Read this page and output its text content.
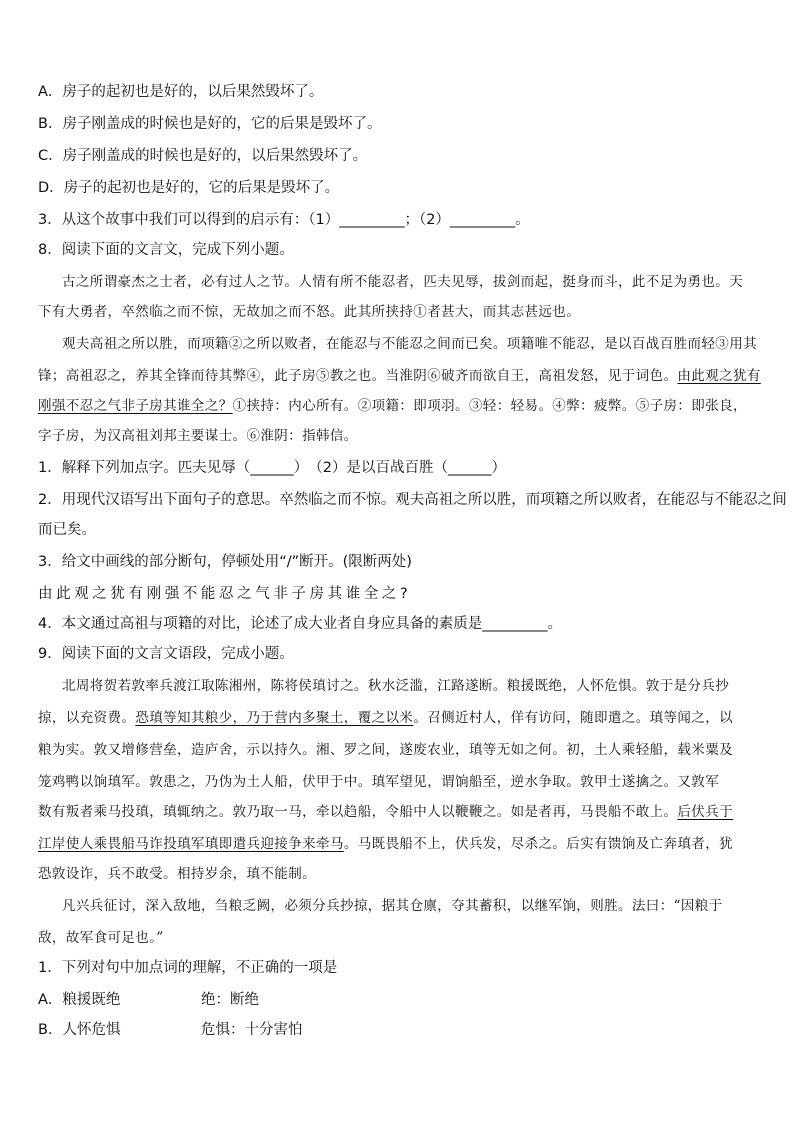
A．房子的起初也是好的，以后果然毁坏了。
B．房子刚盖成的时候也是好的，它的后果是毁坏了。
C．房子刚盖成的时候也是好的，以后果然毁坏了。
D．房子的起初也是好的，它的后果是毁坏了。
3．从这个故事中我们可以得到的启示有：（1）_________；（2）_________。
8．阅读下面的文言文，完成下列小题。
古之所谓豪杰之士者，必有过人之节。人情有所不能忍者，匹夫见辱，拔剑而起，挺身而斗，此不足为勇也。天
下有大勇者，卒然临之而不惊，无故加之而不怒。此其所挟持①者甚大，而其志甚远也。
观夫高祖之所以胜，而项籍②之所以败者，在能忍与不能忍之间而已矣。项籍唯不能忍，是以百战百胜而轻③用其
锋；高祖忍之，养其全锋而待其弊④，此子房⑤教之也。当淮阴⑥破齐而欲自王，高祖发怒，见于词色。由此观之犹有
刚强不忍之气非子房其谁全之？①挟持：内心所有。②项籍：即项羽。③轻：轻易。④弊：疲弊。⑤子房：即张良，
字子房，为汉高祖刘邦主要谋士。⑥淮阴：指韩信。
1．解释下列加点字。匹夫见辱（______）　（2）是以百战百胜（______）
2．用现代汉语写出下面句子的意思。卒然临之而不惊。观夫高祖之所以胜，而项籍之所以败者，在能忍与不能忍之间
而已矣。
3．给文中画线的部分断句，停顿处用“/”断开。(限断两处)
由此观之犹有刚强不能忍之气非子房其谁全之?
4．本文通过高祖与项籍的对比，论述了成大业者自身应具备的素质是_________。
9．阅读下面的文言文语段，完成小题。
北周将贺若敦率兵渡江取陈湘州，陈将侯瑱讨之。秋水泛滥，江路遂断。粮援既绝，人怀危惧。敦于是分兵抄
掠，以充资费。恐瑱等知其粮少，乃于营内多聚土，覆之以米。召侧近村人，佯有访问，随即遣之。瑱等闻之，以
粮为实。敦又增修营垒，造庐舍，示以持久。湘、罗之间，遂废农业，瑱等无如之何。初，土人乘轻船，载米粟及
笼鸡鸭以饷瑱军。敦患之，乃伪为土人船，伏甲于中。瑱军望见，谓饷船至，逆水争取。敦甲士遂擒之。又敦军
数有叛者乘马投瑱，瑱辄纳之。敦乃取一马，牵以趋船，令船中人以鞭鞭之。如是者再，马畏船不敢上。后伏兵于
江岸使人乘畏船马诈投瑱军瑱即遣兵迎接争来牵马。马既畏船不上，伏兵发，尽杀之。后实有馈饷及亡奔瑱者，犹
恐敦设诈，兵不敢受。相持岁余，瑱不能制。
凡兴兵征讨，深入敌地，刍粮乏阙，必须分兵抄掠，据其仓廪，夺其蓄积，以继军饷，则胜。法曰：“因粮于
敌，故军食可足也。”
1．下列对句中加点词的理解，不正确的一项是
A．粮援既绝	绝：断绝
B．人怀危惧	危惧：十分害怕
